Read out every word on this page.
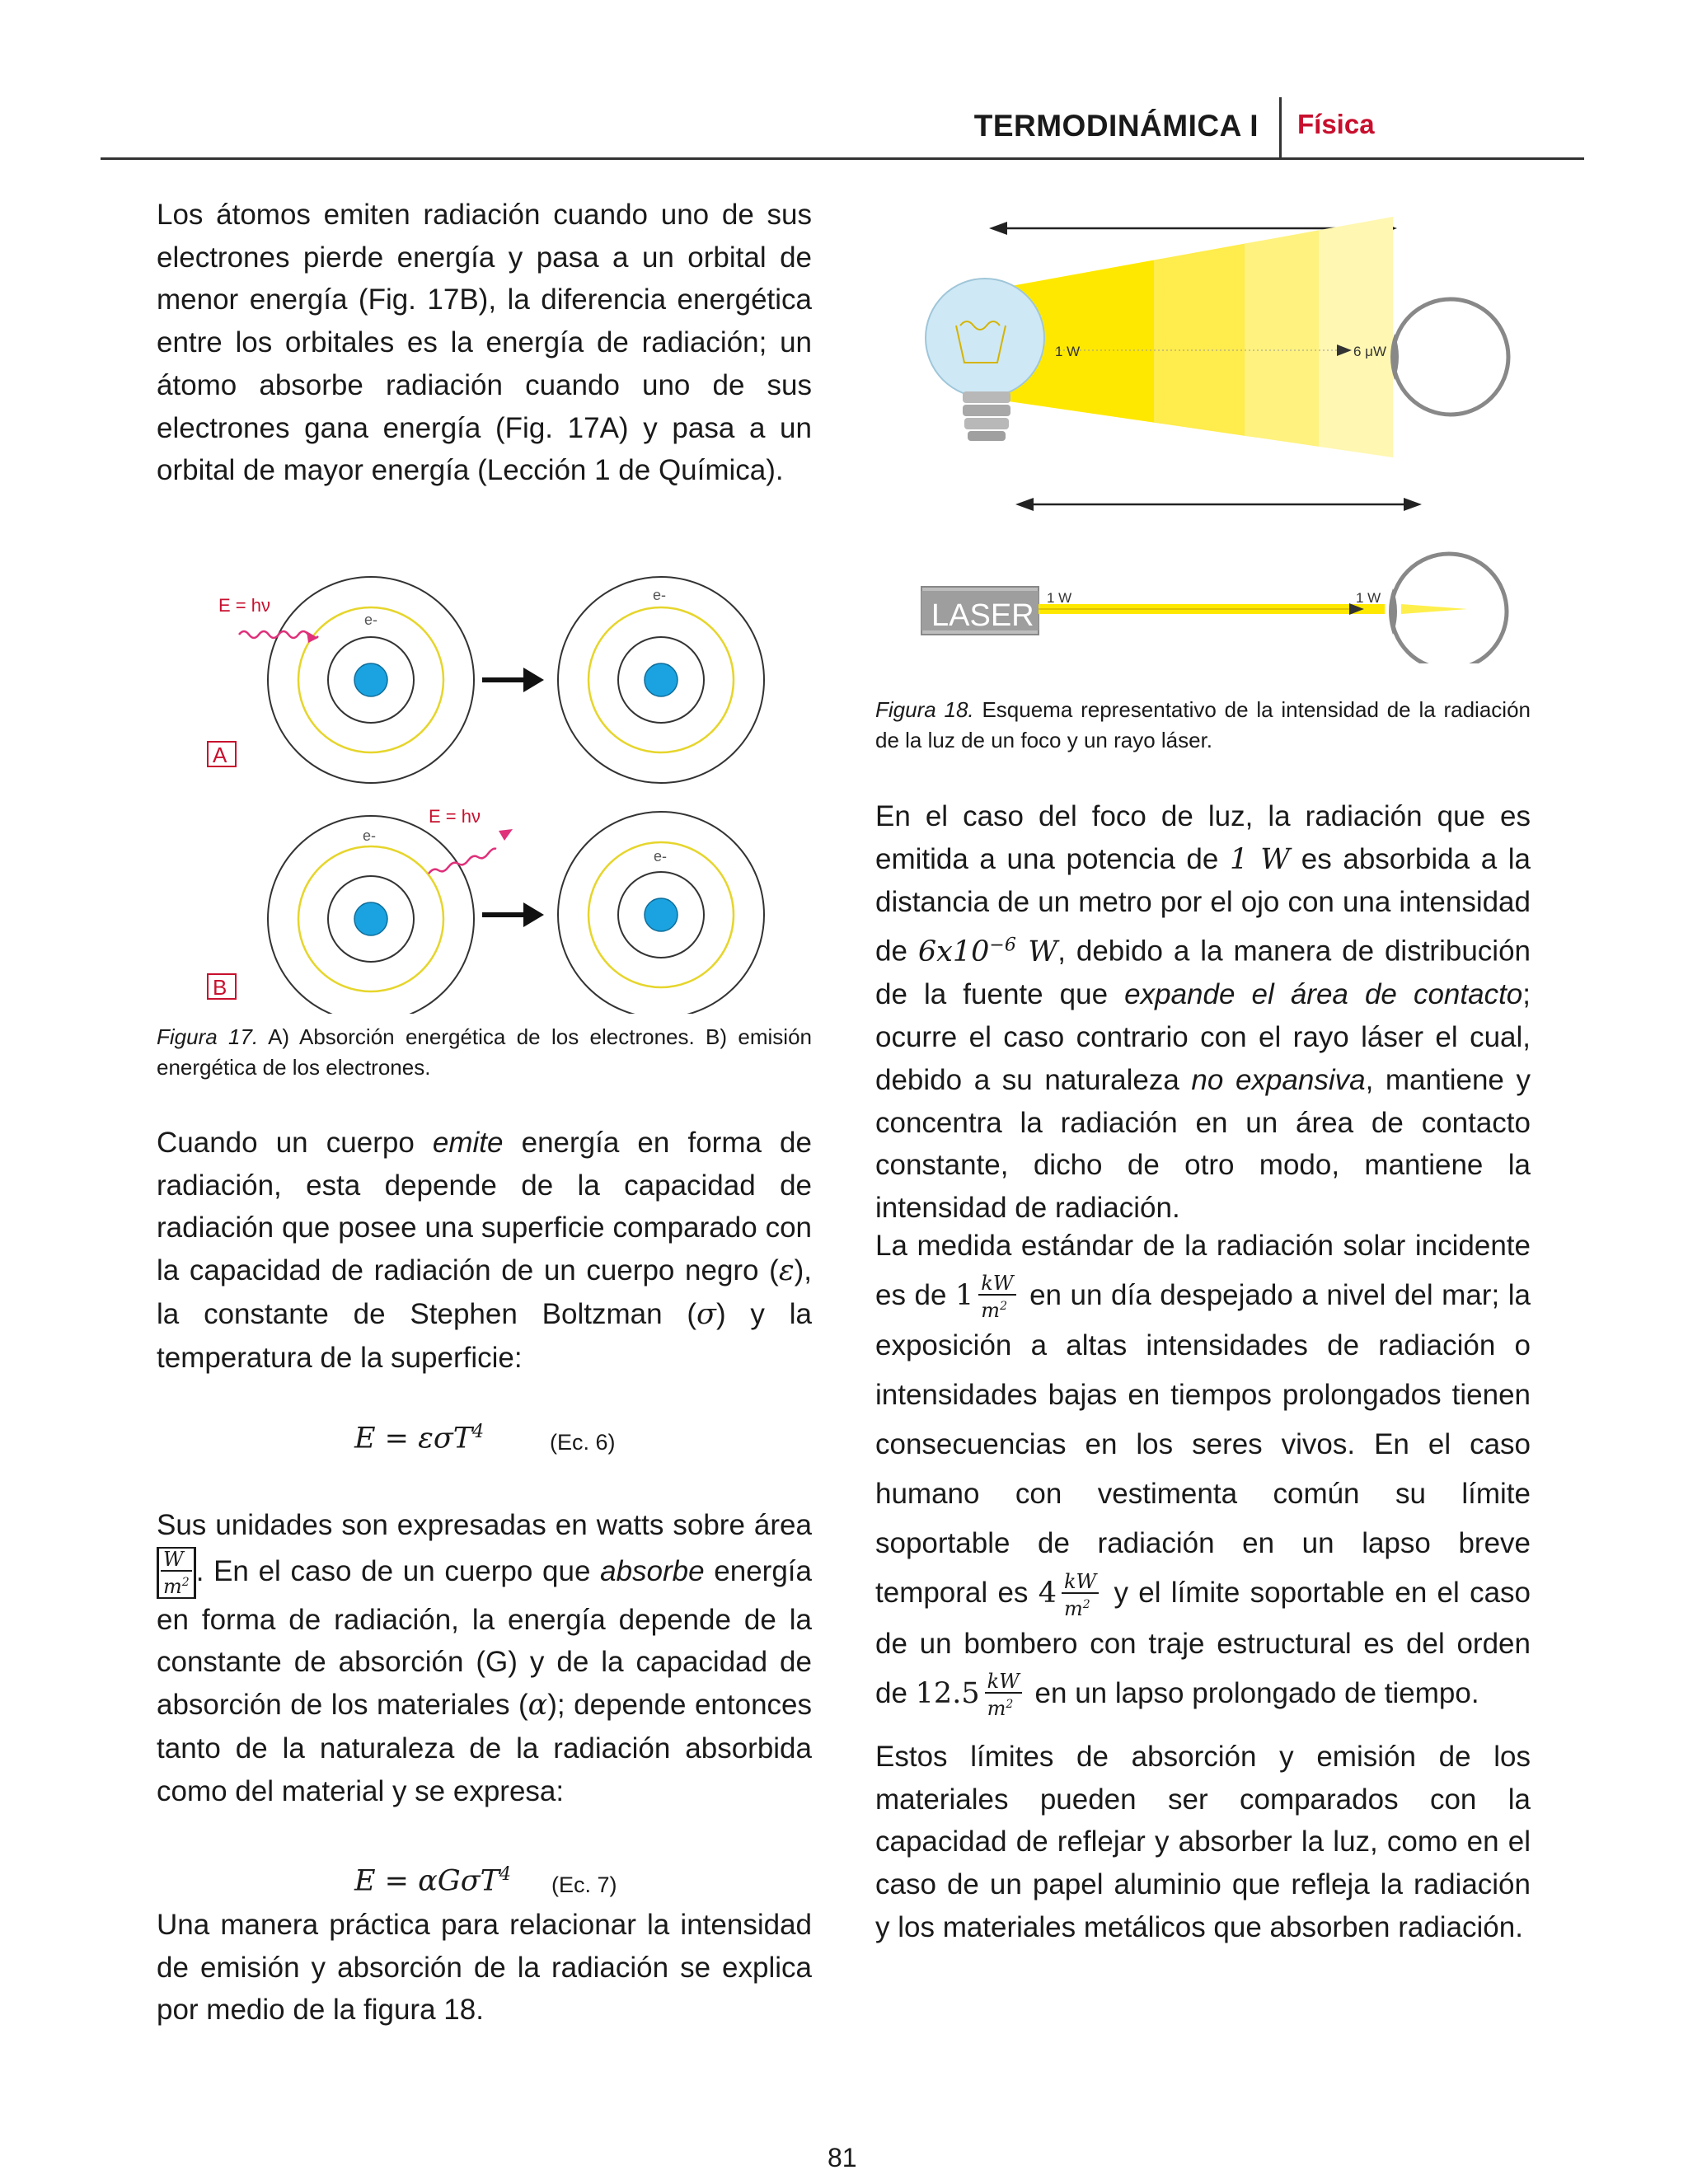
TERMODINÁMICA I Física
Los átomos emiten radiación cuando uno de sus electrones pierde energía y pasa a un orbital de menor energía (Fig. 17B), la diferencia energética entre los orbitales es la energía de radiación; un átomo absorbe radiación cuando uno de sus electrones gana energía (Fig. 17A) y pasa a un orbital de mayor energía (Lección 1 de Química).
e-
E = hν	e-
A
e-
E = hν
e-
B
Figura 17. A) Absorción energética de los electrones. B) emisión energética de los electrones.
Cuando un cuerpo emite energía en forma de radiación, esta depende de la capacidad de radiación que posee una superficie comparado con la capacidad de radiación de un cuerpo negro (ε), la constante de Stephen Boltzman (σ) y la temperatura de la superficie:
E = εσT$^4$	(Ec. 6)
Sus unidades son expresadas en watts sobre área
$\frac{W}{m^2}$ . En el caso de un cuerpo que absorbe energía en forma de radiación, la energía depende de la constante de absorción (G) y de la capacidad de absorción de los materiales (α); depende entonces tanto de la naturaleza de la radiación absorbida como del material y se expresa:
E = αGσT$^4$ (Ec. 7)
Una manera práctica para relacionar la intensidad de emisión y absorción de la radiación se explica por medio de la figura 18.
1 W	6 μW
LASER
1 W	1 W
Figura 18. Esquema representativo de la intensidad de la radiación de la luz de un foco y un rayo láser.
En el caso del foco de luz, la radiación que es emitida a una potencia de 1 W es absorbida a la distancia de un metro por el ojo con una intensidad de $6x10^{-6}$ W, debido a la manera de distribución de la fuente que expande el área de contacto; ocurre el caso contrario con el rayo láser el cual, debido a su naturaleza no expansiva, mantiene y concentra la radiación en un área de contacto constante, dicho de otro modo, mantiene la intensidad de radiación.
La medida estándar de la radiación solar incidente es de $1 \frac{kW}{m^2}$ en un día despejado a nivel del mar; la exposición a altas intensidades de radiación o intensidades bajas en tiempos prolongados tienen consecuencias en los seres vivos. En el caso humano con vestimenta común su límite soportable de radiación en un lapso breve temporal es $4 \frac{kW}{m^2}$ y el límite soportable en el caso de un bombero con traje estructural es del orden de $12.5 \frac{kW}{m^2}$ en un lapso prolongado de tiempo.
Estos límites de absorción y emisión de los materiales pueden ser comparados con la capacidad de reflejar y absorber la luz, como en el caso de un papel aluminio que refleja la radiación y los materiales metálicos que absorben radiación.
81
